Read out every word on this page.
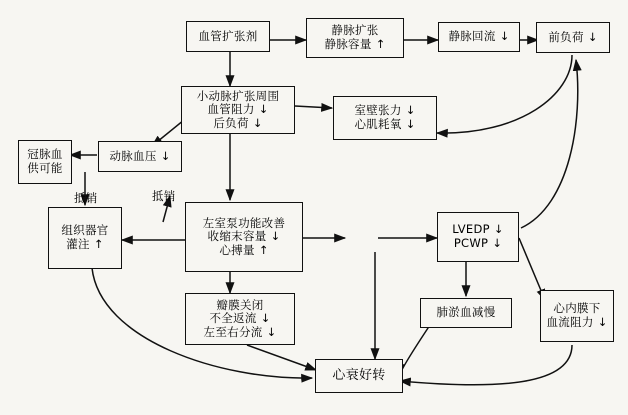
血管扩张剂	静脉扩张
静脉容量 ↑
静脉回流 ↓	前负荷 ↓
小动脉扩张周围
血管阻力 ↓
后负荷 ↓
室壁张力 ↓
心肌耗氧 ↓
动脉血压 ↓
冠脉血
供可能
组织器官
灌注 ↑
左室泵功能改善
收缩末容量 ↓
心搏量 ↑
LVEDP ↓
PCWP ↓
瓣膜关闭
不全返流 ↓
左至右分流 ↓
肺淤血减慢	心内膜下
血流阻力 ↓
心衰好转
抵销	抵销
